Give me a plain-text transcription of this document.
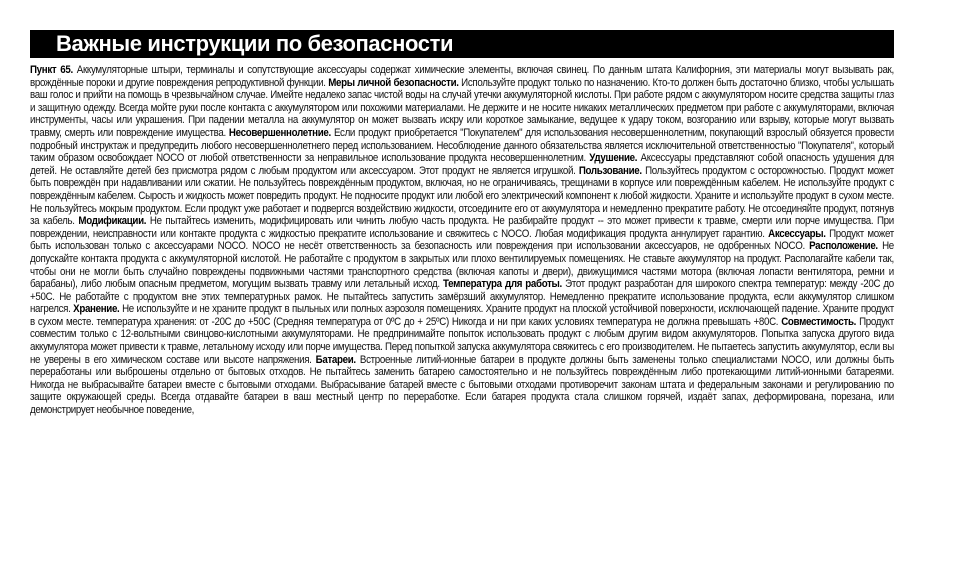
Важные инструкции по безопасности

Пункт 65. Аккумуляторные штыри, терминалы и сопутствующие аксессуары содержат химические элементы, включая свинец. По данным штата Калифорния, эти материалы могут вызывать рак, врождённые пороки и другие повреждения репродуктивной функции. Меры личной безопасности. Используйте продукт только по назначению. Кто-то должен быть достаточно близко, чтобы услышать ваш голос и прийти на помощь в чрезвычайном случае. Имейте недалеко запас чистой воды на случай утечки аккумуляторной кислоты. При работе рядом с аккумулятором носите средства защиты глаз и защитную одежду. Всегда мойте руки после контакта с аккумулятором или похожими материалами. Не держите и не носите никаких металлических предметом при работе с аккумуляторами, включая инструменты, часы или украшения. При падении металла на аккумулятор он может вызвать искру или короткое замыкание, ведущее к удару током, возгоранию или взрыву, которые могут вызвать травму, смерть или повреждение имущества. Несовершеннолетние. Если продукт приобретается "Покупателем" для использования несовершеннолетним, покупающий взрослый обязуется провести подробный инструктаж и предупредить любого несовершеннолетнего перед использованием. Несоблюдение данного обязательства является исключительной ответственностью "Покупателя", который таким образом освобождает NOCO от любой ответственности за неправильное использование продукта несовершеннолетним. Удушение. Аксессуары представляют собой опасность удушения для детей. Не оставляйте детей без присмотра рядом с любым продуктом или аксессуаром. Этот продукт не является игрушкой. Пользование. Пользуйтесь продуктом с осторожностью. Продукт может быть повреждён при надавливании или сжатии. Не пользуйтесь повреждённым продуктом, включая, но не ограничиваясь, трещинами в корпусе или повреждённым кабелем. Не используйте продукт с повреждённым кабелем. Сырость и жидкость может повредить продукт. Не подносите продукт или любой его электрический компонент к любой жидкости. Храните и используйте продукт в сухом месте. Не пользуйтесь мокрым продуктом. Если продукт уже работает и подвергся воздействию жидкости, отсоедините его от аккумулятора и немедленно прекратите работу. Не отсоединяйте продукт, потянув за кабель. Модификации. Не пытайтесь изменить, модифицировать или чинить любую часть продукта. Не разбирайте продукт -- это может привести к травме, смерти или порче имущества. При повреждении, неисправности или контакте продукта с жидкостью прекратите использование и свяжитесь с NOCO. Любая модификация продукта аннулирует гарантию. Аксессуары. Продукт может быть использован только с аксессуарами NOCO. NOCO не несёт ответственность за безопасность или повреждения при использовании аксессуаров, не одобренных NOCO. Расположение. Не допускайте контакта продукта с аккумуляторной кислотой. Не работайте с продуктом в закрытых или плохо вентилируемых помещениях. Не ставьте аккумулятор на продукт. Располагайте кабели так, чтобы они не могли быть случайно повреждены подвижными частями транспортного средства (включая капоты и двери), движущимися частями мотора (включая лопасти вентилятора, ремни и барабаны), либо любым опасным предметом, могущим вызвать травму или летальный исход. Температура для работы. Этот продукт разработан для широкого спектра температур: между -20C до +50C. Не работайте с продуктом вне этих температурных рамок. Не пытайтесь запустить замёрзший аккумулятор. Немедленно прекратите использование продукта, если аккумулятор слишком нагрелся. Хранение. Не используйте и не храните продукт в пыльных или полных аэрозоля помещениях. Храните продукт на плоской устойчивой поверхности, исключающей падение. Храните продукт в сухом месте. температура хранения: от -20C до +50C (Средняя температура от 0ºC до + 25ºC) Никогда и ни при каких условиях температура не должна превышать +80C. Совместимость. Продукт совместим только с 12-вольтными свинцово-кислотными аккумуляторами. Не предпринимайте попыток использовать продукт с любым другим видом аккумуляторов. Попытка запуска другого вида аккумулятора может привести к травме, летальному исходу или порче имущества. Перед попыткой запуска аккумулятора свяжитесь с его производителем. Не пытаетесь запустить аккумулятор, если вы не уверены в его химическом составе или высоте напряжения. Батареи. Встроенные литий-ионные батареи в продукте должны быть заменены только специалистами NOCO, или должны быть переработаны или выброшены отдельно от бытовых отходов. Не пытайтесь заменить батарею самостоятельно и не пользуйтесь повреждённым либо протекающими литий-ионными батареями. Никогда не выбрасывайте батареи вместе с бытовыми отходами. Выбрасывание батарей вместе с бытовыми отходами противоречит законам штата и федеральным законами и регулированию по защите окружающей среды. Всегда отдавайте батареи в ваш местный центр по переработке. Если батарея продукта стала слишком горячей, издаёт запах, деформирована, порезана, или демонстрирует необычное поведение,
